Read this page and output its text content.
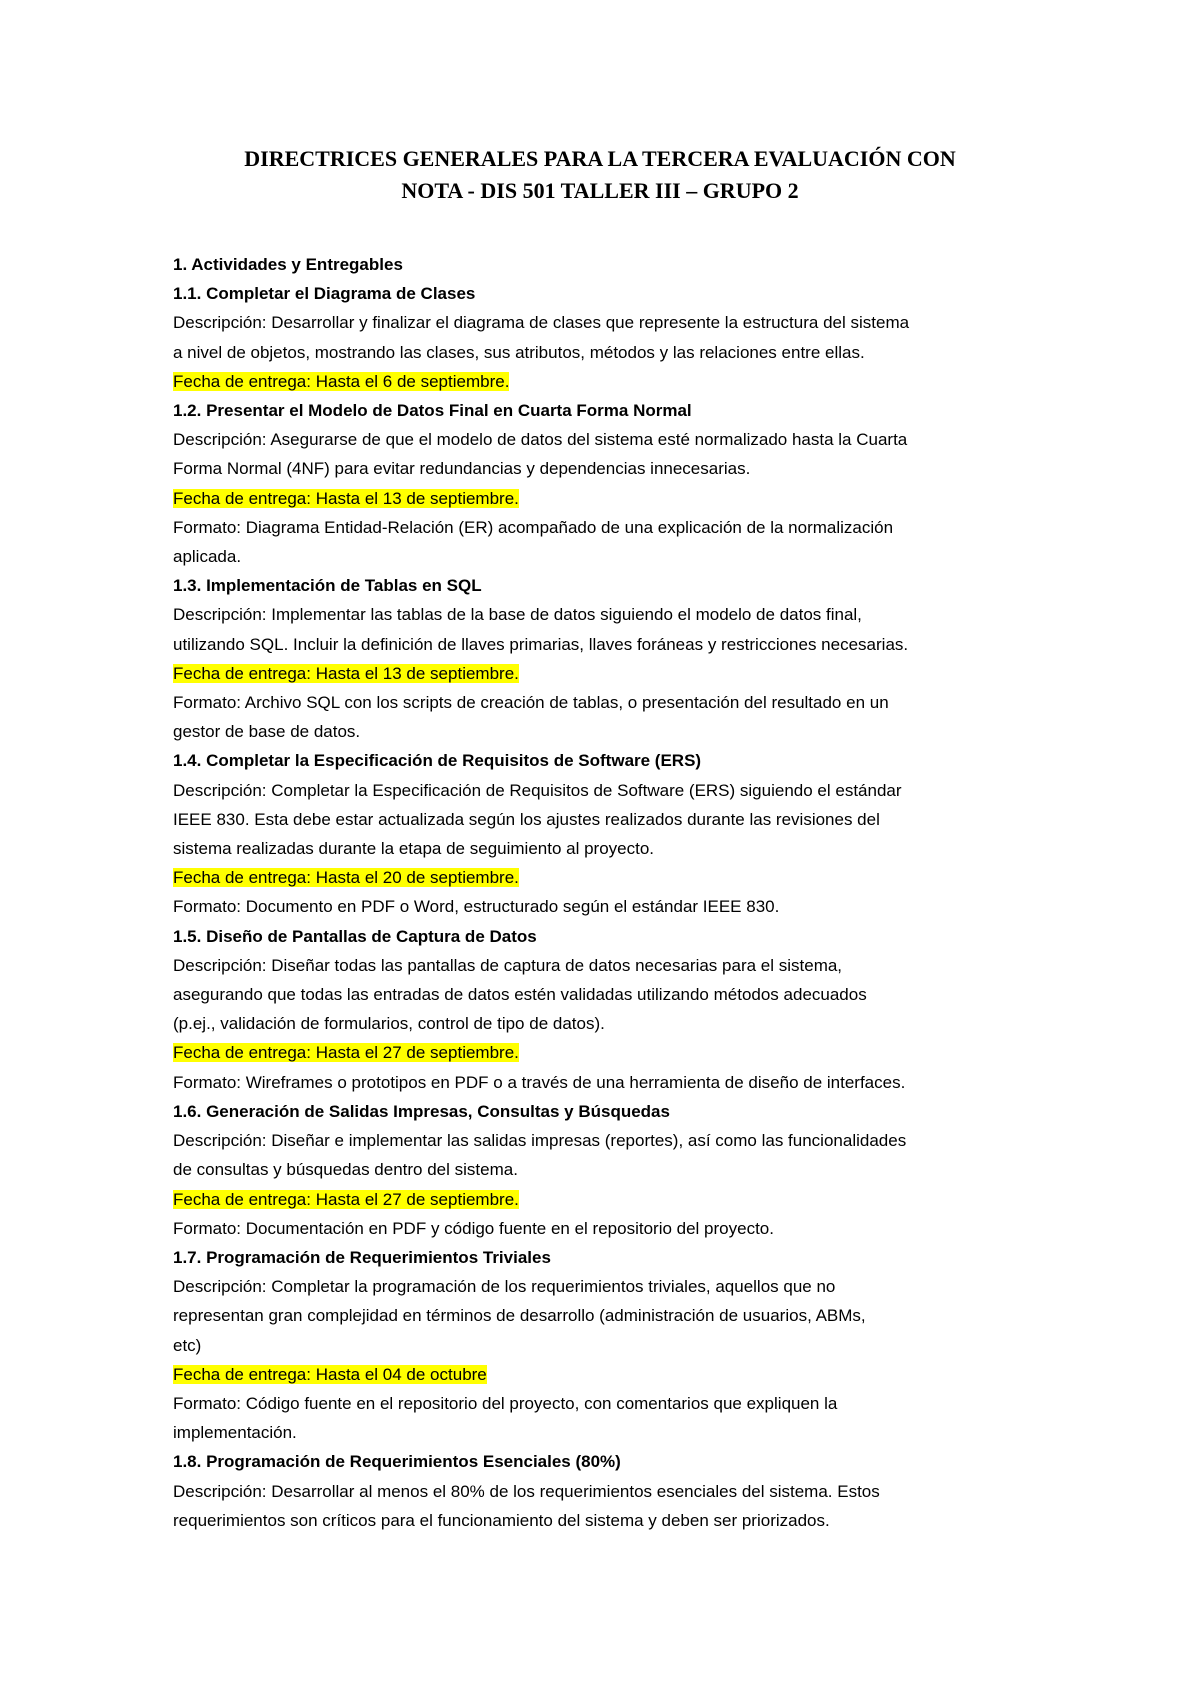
DIRECTRICES GENERALES PARA LA TERCERA EVALUACIÓN CON
NOTA - DIS 501 TALLER III – GRUPO 2
1. Actividades y Entregables
1.1. Completar el Diagrama de Clases
Descripción: Desarrollar y finalizar el diagrama de clases que represente la estructura del sistema
a nivel de objetos, mostrando las clases, sus atributos, métodos y las relaciones entre ellas.
Fecha de entrega: Hasta el 6 de septiembre.
1.2. Presentar el Modelo de Datos Final en Cuarta Forma Normal
Descripción: Asegurarse de que el modelo de datos del sistema esté normalizado hasta la Cuarta
Forma Normal (4NF) para evitar redundancias y dependencias innecesarias.
Fecha de entrega: Hasta el 13 de septiembre.
Formato: Diagrama Entidad-Relación (ER) acompañado de una explicación de la normalización
aplicada.
1.3. Implementación de Tablas en SQL
Descripción: Implementar las tablas de la base de datos siguiendo el modelo de datos final,
utilizando SQL. Incluir la definición de llaves primarias, llaves foráneas y restricciones necesarias.
Fecha de entrega: Hasta el 13 de septiembre.
Formato: Archivo SQL con los scripts de creación de tablas, o presentación del resultado en un
gestor de base de datos.
1.4. Completar la Especificación de Requisitos de Software (ERS)
Descripción: Completar la Especificación de Requisitos de Software (ERS) siguiendo el estándar
IEEE 830. Esta debe estar actualizada según los ajustes realizados durante las revisiones del
sistema realizadas durante la etapa de seguimiento al proyecto.
Fecha de entrega: Hasta el 20 de septiembre.
Formato: Documento en PDF o Word, estructurado según el estándar IEEE 830.
1.5. Diseño de Pantallas de Captura de Datos
Descripción: Diseñar todas las pantallas de captura de datos necesarias para el sistema,
asegurando que todas las entradas de datos estén validadas utilizando métodos adecuados
(p.ej., validación de formularios, control de tipo de datos).
Fecha de entrega: Hasta el 27 de septiembre.
Formato: Wireframes o prototipos en PDF o a través de una herramienta de diseño de interfaces.
1.6. Generación de Salidas Impresas, Consultas y Búsquedas
Descripción: Diseñar e implementar las salidas impresas (reportes), así como las funcionalidades
de consultas y búsquedas dentro del sistema.
Fecha de entrega: Hasta el 27 de septiembre.
Formato: Documentación en PDF y código fuente en el repositorio del proyecto.
1.7. Programación de Requerimientos Triviales
Descripción: Completar la programación de los requerimientos triviales, aquellos que no
representan gran complejidad en términos de desarrollo (administración de usuarios, ABMs,
etc)
Fecha de entrega: Hasta el 04 de octubre
Formato: Código fuente en el repositorio del proyecto, con comentarios que expliquen la
implementación.
1.8. Programación de Requerimientos Esenciales (80%)
Descripción: Desarrollar al menos el 80% de los requerimientos esenciales del sistema. Estos
requerimientos son críticos para el funcionamiento del sistema y deben ser priorizados.
